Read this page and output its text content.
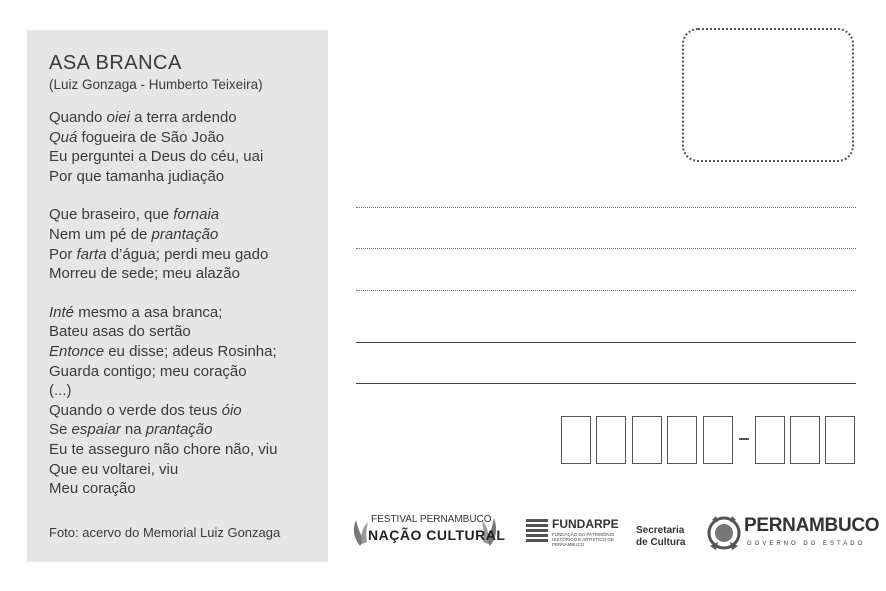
ASA BRANCA
(Luiz Gonzaga - Humberto Teixeira)
Quando oiei a terra ardendo
Quá fogueira de São João
Eu perguntei a Deus do céu, uai
Por que tamanha judiação
Que braseiro, que fornaia
Nem um pé de prantação
Por farta d’água; perdi meu gado
Morreu de sede; meu alazão
Inté mesmo a asa branca;
Bateu asas do sertão
Entonce eu disse; adeus Rosinha;
Guarda contigo; meu coração
(...)
Quando o verde dos teus óio
Se espaiar na prantação
Eu te asseguro não chore não, viu
Que eu voltarei, viu
Meu coração
Foto: acervo do Memorial Luiz Gonzaga
FESTIVAL PERNAMBUCO
NAÇÃO CULTURAL
FUNDARPE
FUNDAÇÃO DO PATRIMÔNIO HISTÓRICO E ARTÍSTICO DE PERNAMBUCO
Secretaria
de Cultura
PERNAMBUCO
GOVERNO DO ESTADO
